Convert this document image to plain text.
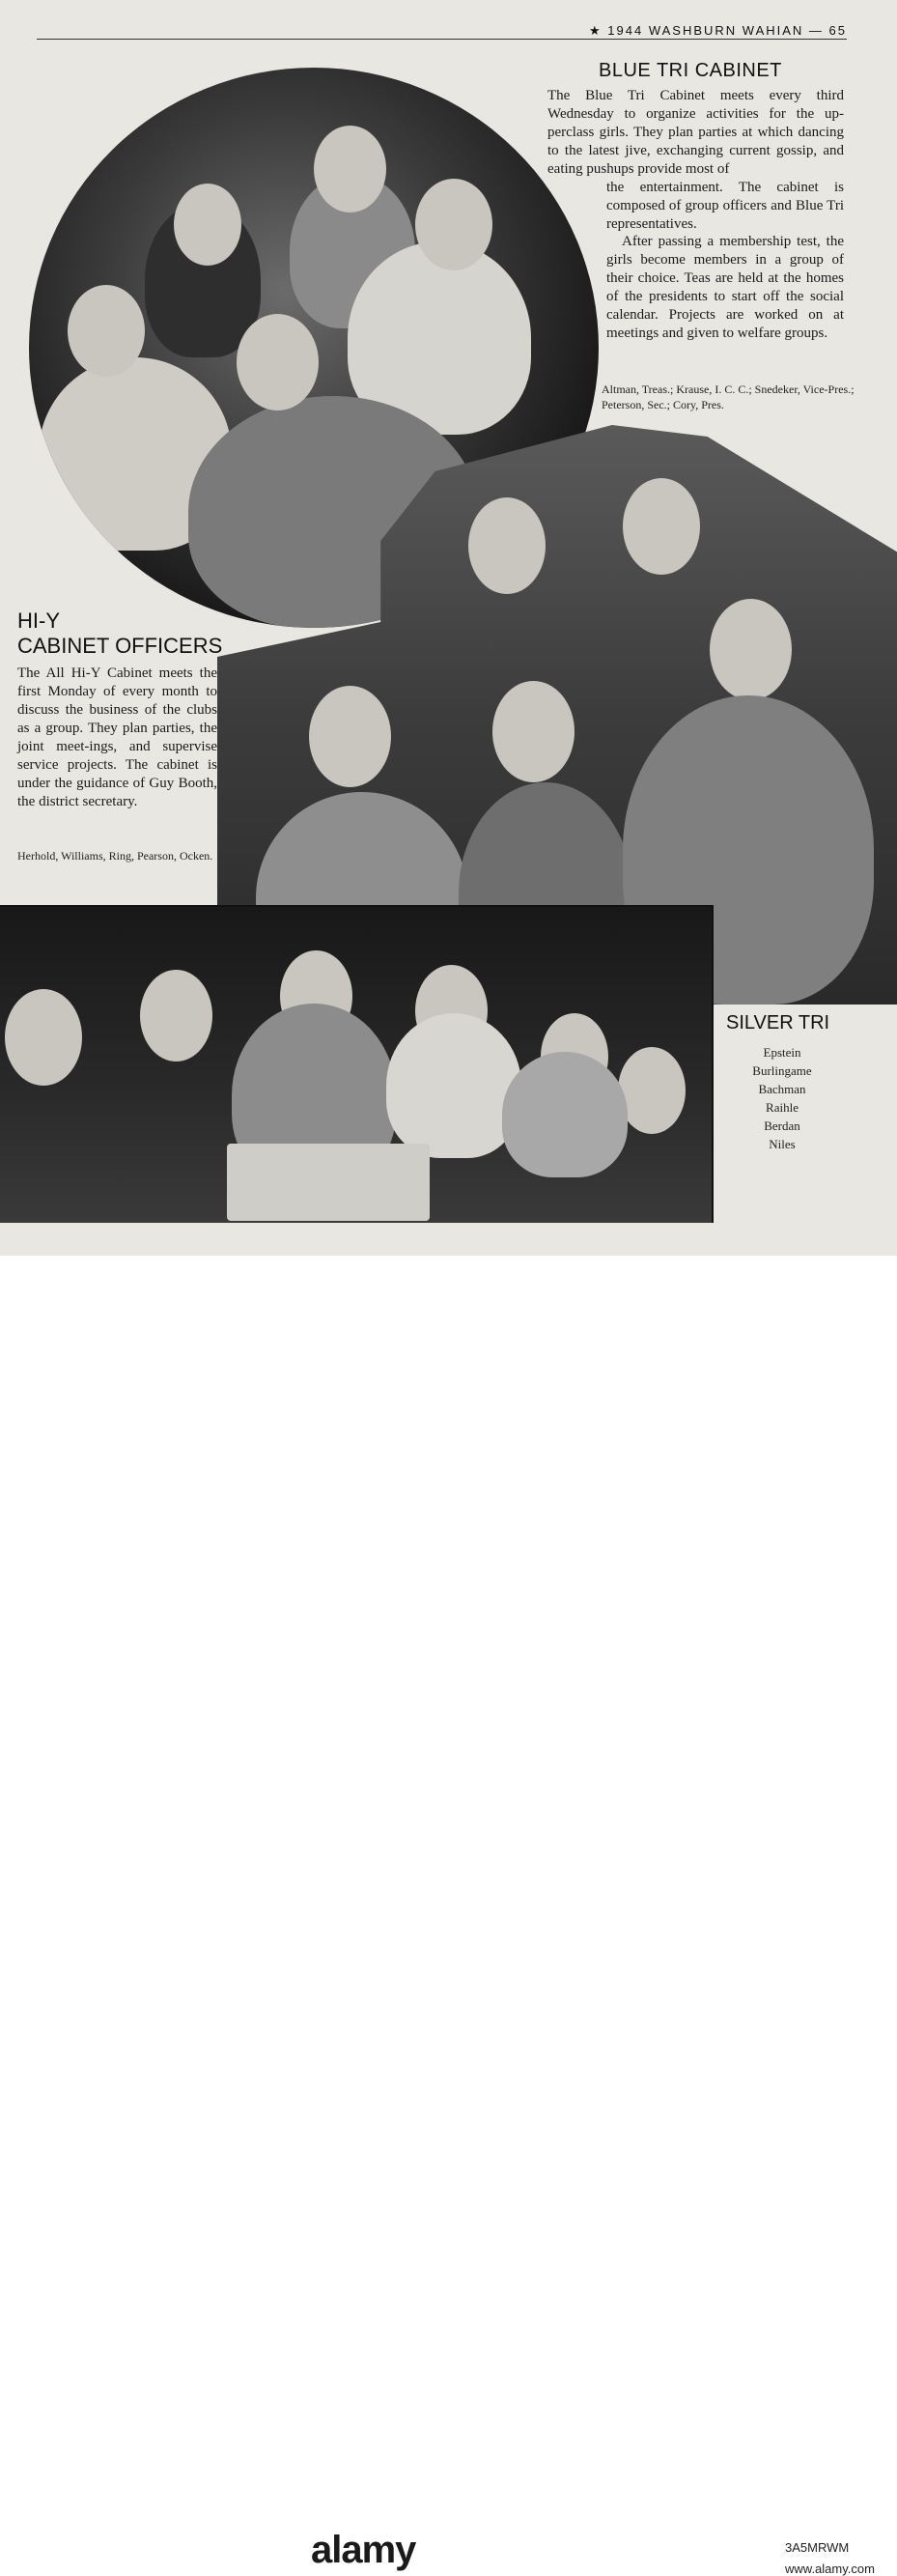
★ 1944 WASHBURN WAHIAN — 65
BLUE TRI CABINET
The Blue Tri Cabinet meets every third Wednesday to organize activities for the up-perclass girls. They plan parties at which dancing to the latest jive, exchanging current gossip, and eating pushups provide most of
the entertainment. The cabinet is composed of group officers and Blue Tri representatives.
After passing a membership test, the girls become members in a group of their choice. Teas are held at the homes of the presidents to start off the social calendar. Projects are worked on at meetings and given to welfare groups.
Altman, Treas.; Krause, I. C. C.; Snedeker, Vice-Pres.; Peterson, Sec.; Cory, Pres.
HI-Y
CABINET OFFICERS
The All Hi-Y Cabinet meets the first Monday of every month to discuss the business of the clubs as a group. They plan parties, the joint meet-ings, and supervise service projects. The cabinet is under the guidance of Guy Booth, the district secretary.
Herhold, Williams, Ring, Pearson, Ocken.
SILVER TRI
Epstein
Burlingame
Bachman
Raihle
Berdan
Niles
alamy	3A5MRWM
www.alamy.com
